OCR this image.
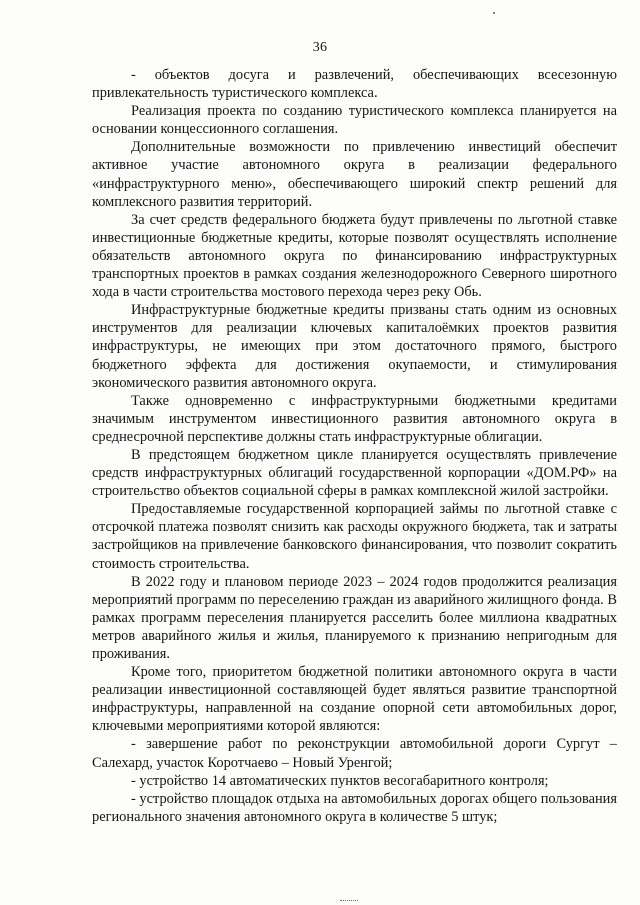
36

- объектов досуга и развлечений, обеспечивающих всесезонную привлекательность туристического комплекса.

Реализация проекта по созданию туристического комплекса планируется на основании концессионного соглашения.

Дополнительные возможности по привлечению инвестиций обеспечит активное участие автономного округа в реализации федерального «инфраструктурного меню», обеспечивающего широкий спектр решений для комплексного развития территорий.

За счет средств федерального бюджета будут привлечены по льготной ставке инвестиционные бюджетные кредиты, которые позволят осуществлять исполнение обязательств автономного округа по финансированию инфраструктурных транспортных проектов в рамках создания железнодорожного Северного широтного хода в части строительства мостового перехода через реку Обь.

Инфраструктурные бюджетные кредиты призваны стать одним из основных инструментов для реализации ключевых капиталоёмких проектов развития инфраструктуры, не имеющих при этом достаточного прямого, быстрого бюджетного эффекта для достижения окупаемости, и стимулирования экономического развития автономного округа.

Также одновременно с инфраструктурными бюджетными кредитами значимым инструментом инвестиционного развития автономного округа в среднесрочной перспективе должны стать инфраструктурные облигации.

В предстоящем бюджетном цикле планируется осуществлять привлечение средств инфраструктурных облигаций государственной корпорации «ДОМ.РФ» на строительство объектов социальной сферы в рамках комплексной жилой застройки.

Предоставляемые государственной корпорацией займы по льготной ставке с отсрочкой платежа позволят снизить как расходы окружного бюджета, так и затраты застройщиков на привлечение банковского финансирования, что позволит сократить стоимость строительства.

В 2022 году и плановом периоде 2023 – 2024 годов продолжится реализация мероприятий программ по переселению граждан из аварийного жилищного фонда. В рамках программ переселения планируется расселить более миллиона квадратных метров аварийного жилья и жилья, планируемого к признанию непригодным для проживания.

Кроме того, приоритетом бюджетной политики автономного округа в части реализации инвестиционной составляющей будет являться развитие транспортной инфраструктуры, направленной на создание опорной сети автомобильных дорог, ключевыми мероприятиями которой являются:

- завершение работ по реконструкции автомобильной дороги Сургут – Салехард, участок Коротчаево – Новый Уренгой;

- устройство 14 автоматических пунктов весогабаритного контроля;

- устройство площадок отдыха на автомобильных дорогах общего пользования регионального значения автономного округа в количестве 5 штук;
